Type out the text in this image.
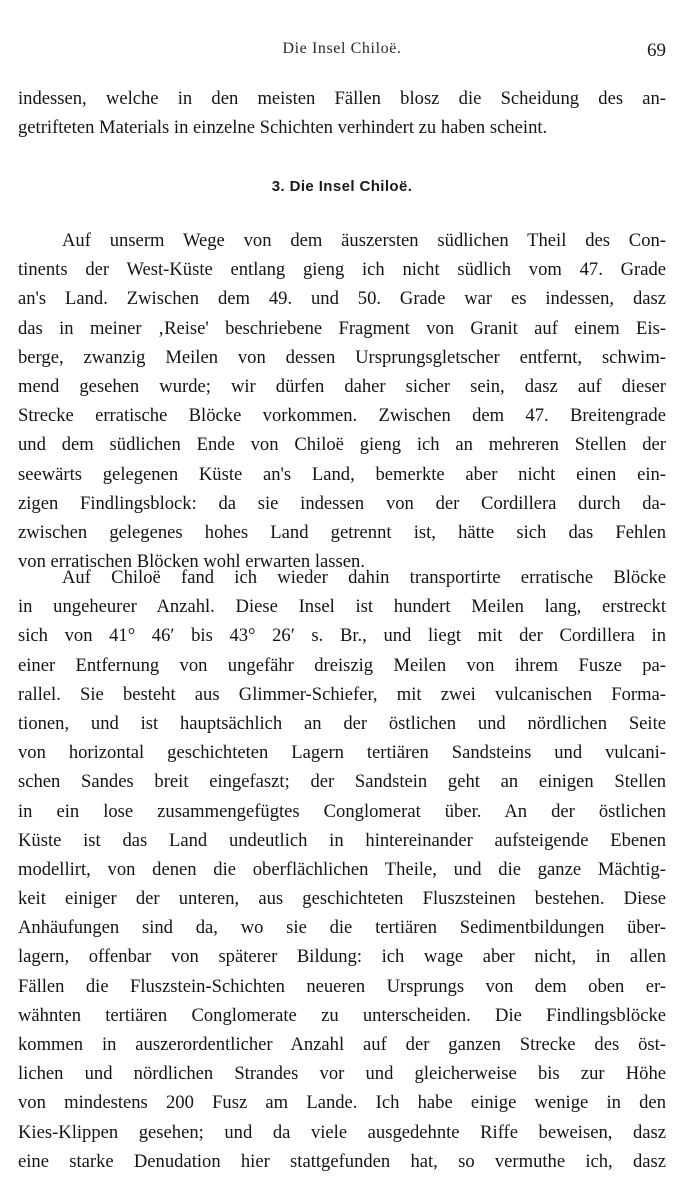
Die Insel Chiloë.	69
indessen, welche in den meisten Fällen blosz die Scheidung des an-
getrifteten Materials in einzelne Schichten verhindert zu haben scheint.
3. Die Insel Chiloë.
Auf unserm Wege von dem äuszersten südlichen Theil des Con-
tinents der West-Küste entlang gieng ich nicht südlich vom 47. Grade
an's Land. Zwischen dem 49. und 50. Grade war es indessen, dasz
das in meiner ‚Reise' beschriebene Fragment von Granit auf einem Eis-
berge, zwanzig Meilen von dessen Ursprungsgletscher entfernt, schwim-
mend gesehen wurde; wir dürfen daher sicher sein, dasz auf dieser
Strecke erratische Blöcke vorkommen. Zwischen dem 47. Breitengrade
und dem südlichen Ende von Chiloë gieng ich an mehreren Stellen der
seewärts gelegenen Küste an's Land, bemerkte aber nicht einen ein-
zigen Findlingsblock: da sie indessen von der Cordillera durch da-
zwischen gelegenes hohes Land getrennt ist, hätte sich das Fehlen
von erratischen Blöcken wohl erwarten lassen.
Auf Chiloë fand ich wieder dahin transportirte erratische Blöcke
in ungeheurer Anzahl. Diese Insel ist hundert Meilen lang, erstreckt
sich von 41° 46′ bis 43° 26′ s. Br., und liegt mit der Cordillera in
einer Entfernung von ungefähr dreiszig Meilen von ihrem Fusze pa-
rallel. Sie besteht aus Glimmer-Schiefer, mit zwei vulcanischen Forma-
tionen, und ist hauptsächlich an der östlichen und nördlichen Seite
von horizontal geschichteten Lagern tertiären Sandsteins und vulcani-
schen Sandes breit eingefaszt; der Sandstein geht an einigen Stellen
in ein lose zusammengefügtes Conglomerat über. An der östlichen
Küste ist das Land undeutlich in hintereinander aufsteigende Ebenen
modellirt, von denen die oberflächlichen Theile, und die ganze Mächtig-
keit einiger der unteren, aus geschichteten Fluszsteinen bestehen. Diese
Anhäufungen sind da, wo sie die tertiären Sedimentbildungen über-
lagern, offenbar von späterer Bildung: ich wage aber nicht, in allen
Fällen die Fluszstein-Schichten neueren Ursprungs von dem oben er-
wähnten tertiären Conglomerate zu unterscheiden. Die Findlingsblöcke
kommen in auszerordentlicher Anzahl auf der ganzen Strecke des öst-
lichen und nördlichen Strandes vor und gleicherweise bis zur Höhe
von mindestens 200 Fusz am Lande. Ich habe einige wenige in den
Kies-Klippen gesehen; und da viele ausgedehnte Riffe beweisen, dasz
eine starke Denudation hier stattgefunden hat, so vermuthe ich, dasz
